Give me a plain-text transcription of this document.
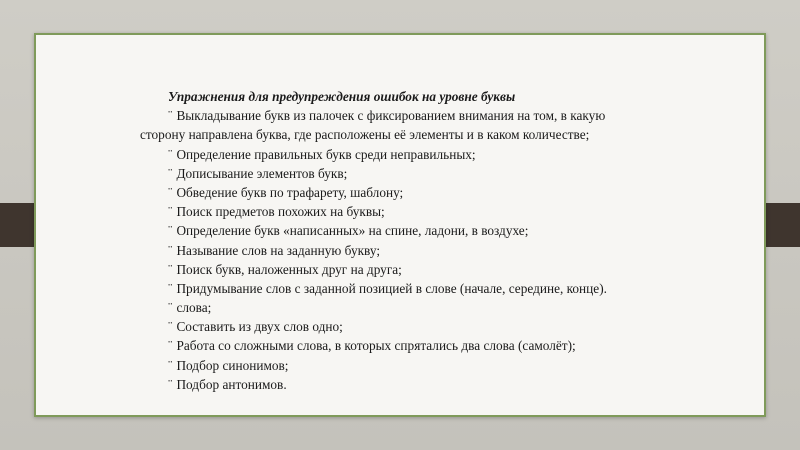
Упражнения для предупреждения ошибок на уровне буквы
¨ Выкладывание букв из палочек с фиксированием внимания на том, в какую
сторону направлена буква, где расположены её элементы и в каком количестве;
¨ Определение правильных букв среди неправильных;
¨ Дописывание элементов букв;
¨ Обведение букв по трафарету, шаблону;
¨ Поиск предметов похожих на буквы;
¨ Определение букв «написанных» на спине, ладони, в воздухе;
¨ Называние слов на заданную букву;
¨ Поиск букв, наложенных друг на друга;
¨ Придумывание слов с заданной позицией в слове (начале, середине, конце).
¨ слова;
¨ Составить из двух слов одно;
¨ Работа со сложными слова, в которых спрятались два слова (самолёт);
¨ Подбор синонимов;
¨ Подбор антонимов.
